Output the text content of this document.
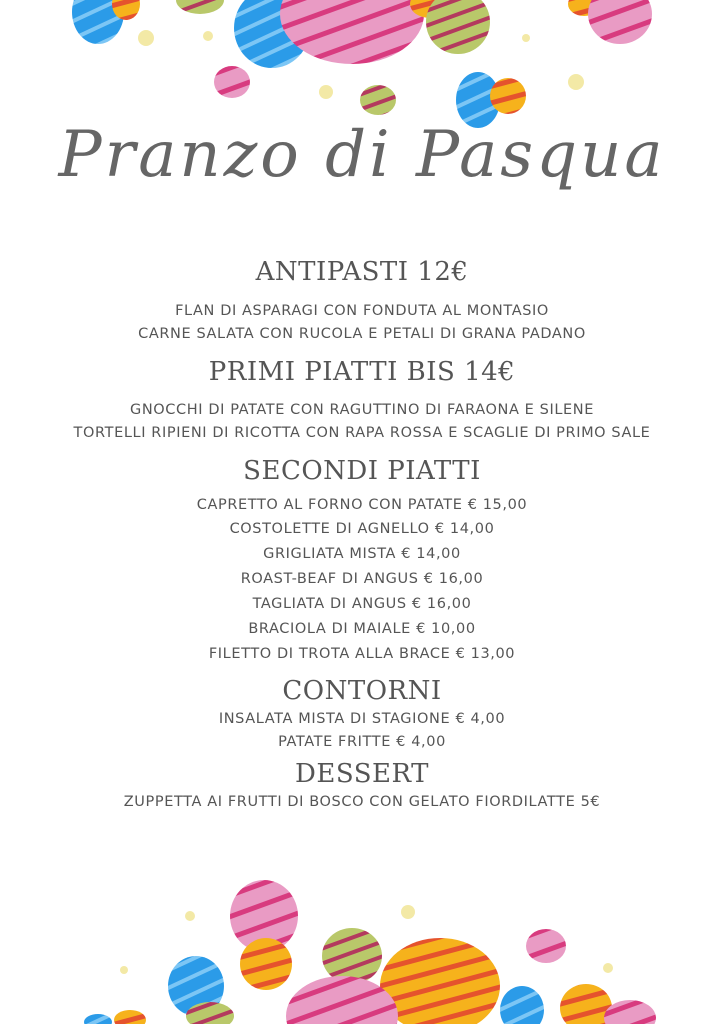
Pranzo di Pasqua
ANTIPASTI 12€
FLAN DI ASPARAGI CON FONDUTA AL MONTASIO
CARNE SALATA CON RUCOLA E PETALI DI GRANA PADANO
PRIMI PIATTI BIS 14€
GNOCCHI DI PATATE CON RAGUTTINO DI FARAONA E SILENE
TORTELLI RIPIENI DI RICOTTA CON RAPA ROSSA E SCAGLIE DI PRIMO SALE
SECONDI PIATTI
CAPRETTO AL FORNO CON PATATE € 15,00
COSTOLETTE DI AGNELLO € 14,00
GRIGLIATA MISTA € 14,00
ROAST-BEAF DI ANGUS € 16,00
TAGLIATA DI ANGUS € 16,00
BRACIOLA DI MAIALE € 10,00
FILETTO DI TROTA ALLA BRACE € 13,00
CONTORNI
INSALATA MISTA DI STAGIONE € 4,00
PATATE FRITTE € 4,00
DESSERT
ZUPPETTA AI FRUTTI DI BOSCO CON GELATO FIORDILATTE 5€
